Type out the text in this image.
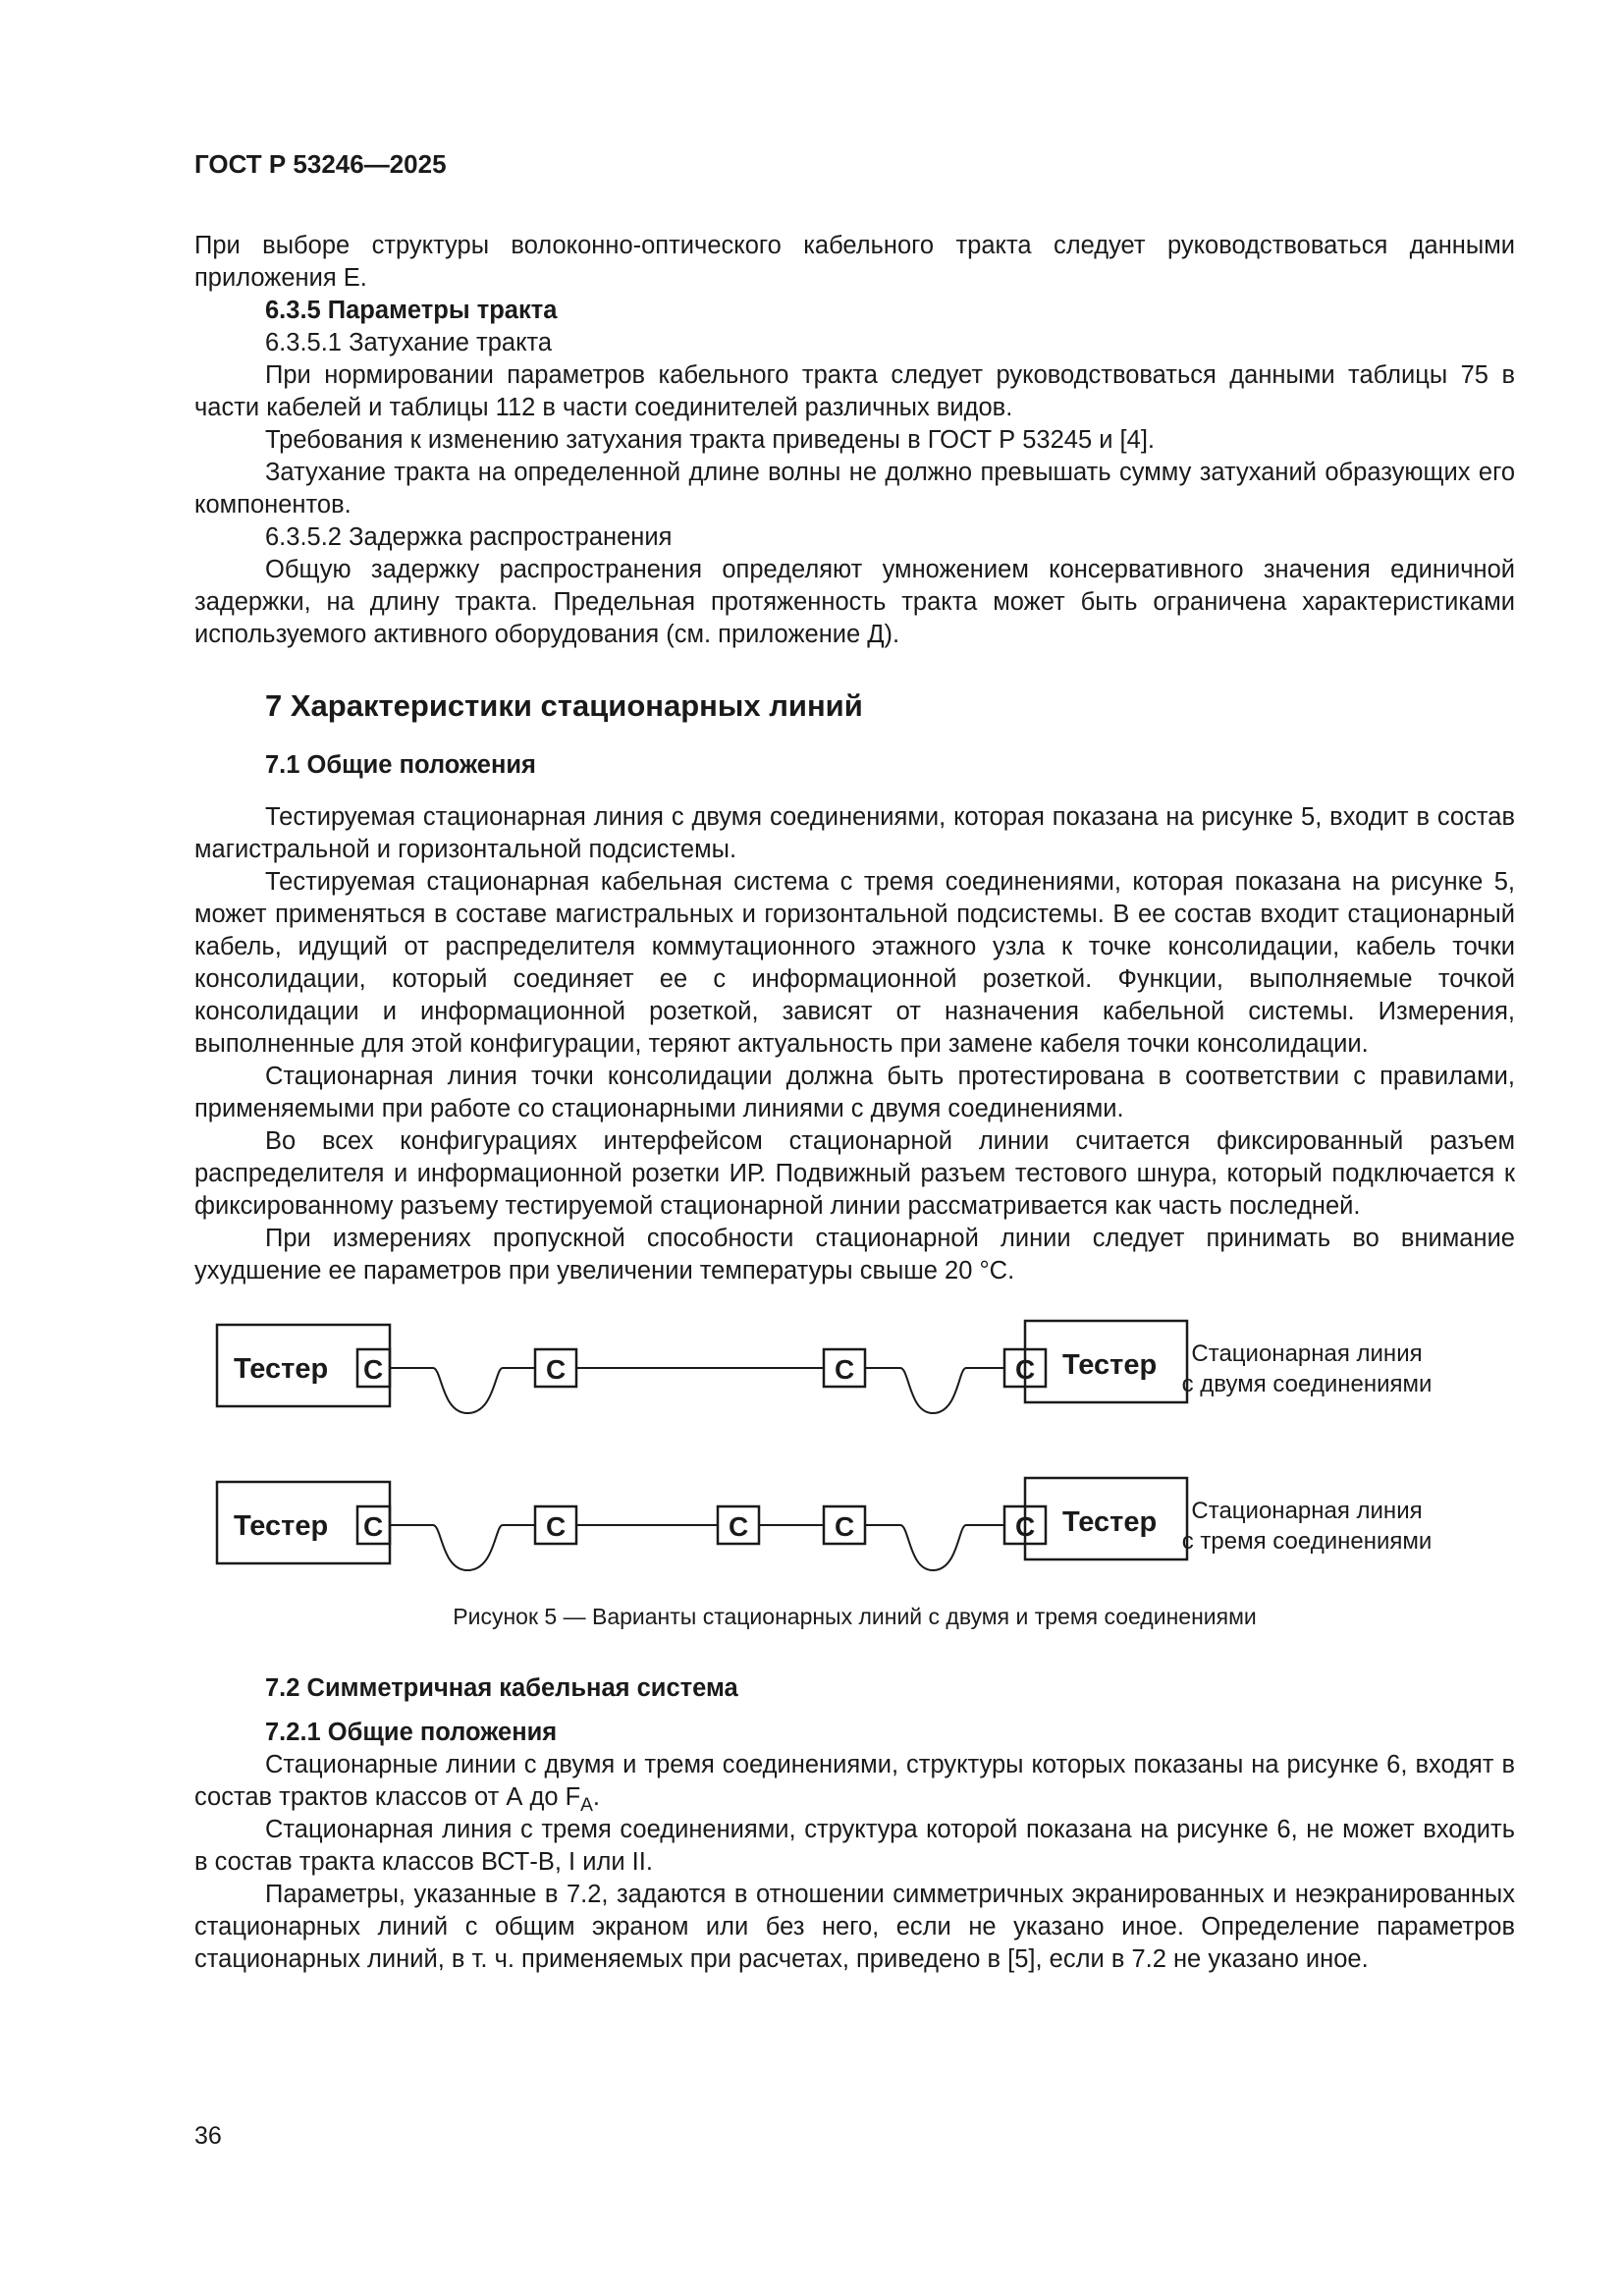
ГОСТ Р 53246—2025

При выборе структуры волоконно-оптического кабельного тракта следует руководствоваться данными приложения Е.

6.3.5 Параметры тракта

6.3.5.1 Затухание тракта

При нормировании параметров кабельного тракта следует руководствоваться данными таблицы 75 в части кабелей и таблицы 112 в части соединителей различных видов.

Требования к изменению затухания тракта приведены в ГОСТ Р 53245 и [4].

Затухание тракта на определенной длине волны не должно превышать сумму затуханий образующих его компонентов.

6.3.5.2 Задержка распространения

Общую задержку распространения определяют умножением консервативного значения единичной задержки, на длину тракта. Предельная протяженность тракта может быть ограничена характеристиками используемого активного оборудования (см. приложение Д).

7 Характеристики стационарных линий
7.1 Общие положения

Тестируемая стационарная линия с двумя соединениями, которая показана на рисунке 5, входит в состав магистральной и горизонтальной подсистемы.

Тестируемая стационарная кабельная система с тремя соединениями, которая показана на рисунке 5, может применяться в составе магистральных и горизонтальной подсистемы. В ее состав входит стационарный кабель, идущий от распределителя коммутационного этажного узла к точке консолидации, кабель точки консолидации, который соединяет ее с информационной розеткой. Функции, выполняемые точкой консолидации и информационной розеткой, зависят от назначения кабельной системы. Измерения, выполненные для этой конфигурации, теряют актуальность при замене кабеля точки консолидации.

Стационарная линия точки консолидации должна быть протестирована в соответствии с правилами, применяемыми при работе со стационарными линиями с двумя соединениями.

Во всех конфигурациях интерфейсом стационарной линии считается фиксированный разъем распределителя и информационной розетки ИР. Подвижный разъем тестового шнура, который подключается к фиксированному разъему тестируемой стационарной линии рассматривается как часть последней.

При измерениях пропускной способности стационарной линии следует принимать во внимание ухудшение ее параметров при увеличении температуры свыше 20 °С.

Тестер С	С	С	С Тестер Стационарная линия
с двумя соединениями
Тестер С	С	С	С	С Тестер Стационарная линия
с тремя соединениями

Рисунок 5 — Варианты стационарных линий с двумя и тремя соединениями

7.2 Симметричная кабельная система

7.2.1 Общие положения

Стационарные линии с двумя и тремя соединениями, структуры которых показаны на рисунке 6, входят в состав трактов классов от А до $F_A$.

Стационарная линия с тремя соединениями, структура которой показана на рисунке 6, не может входить в состав тракта классов ВСТ-В, I или II.

Параметры, указанные в 7.2, задаются в отношении симметричных экранированных и неэкранированных стационарных линий с общим экраном или без него, если не указано иное. Определение параметров стационарных линий, в т. ч. применяемых при расчетах, приведено в [5], если в 7.2 не указано иное.

36
